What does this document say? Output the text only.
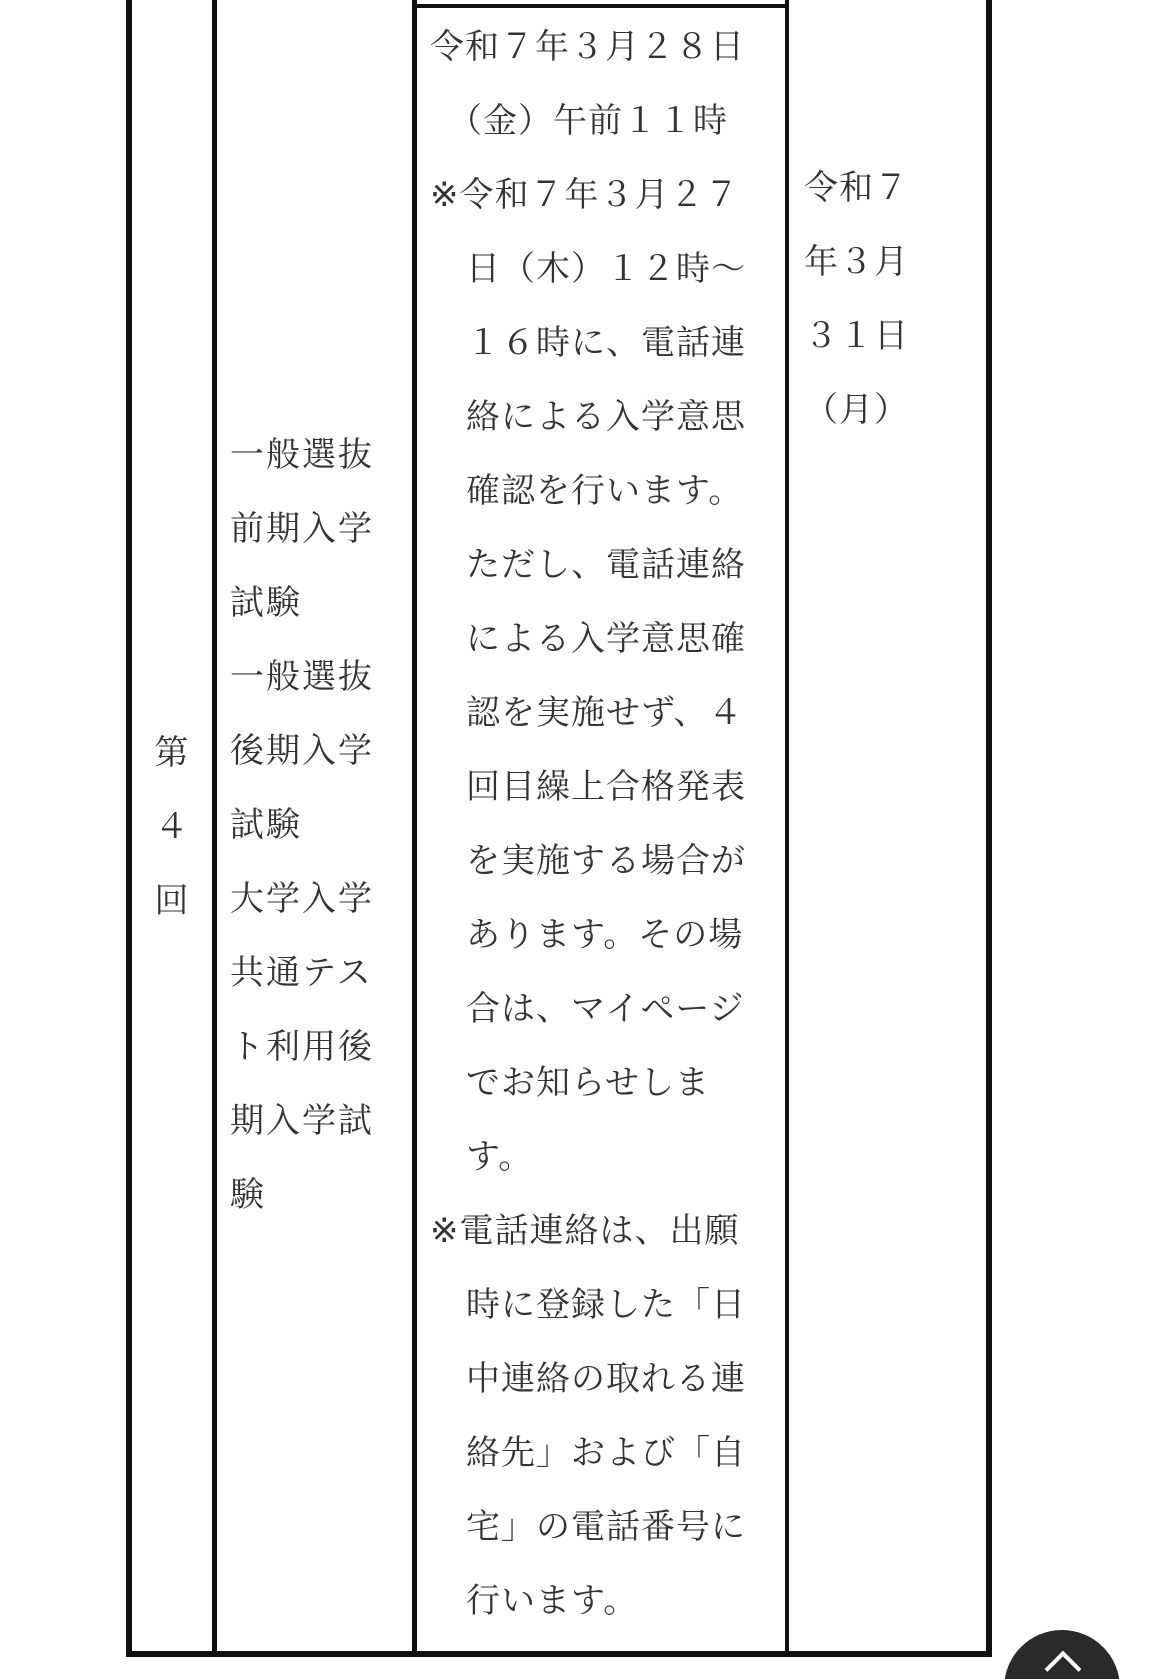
第
４
回
一般選抜
前期入学
試験
一般選抜
後期入学
試験
大学入学
共通テス
ト利用後
期入学試
験
令和７年３月２８日
（金）午前１１時
※令和７年３月２７
日（木）１２時～
１６時に、電話連
絡による入学意思
確認を行います。
ただし、電話連絡
による入学意思確
認を実施せず、４
回目繰上合格発表
を実施する場合が
あります。その場
合は、マイページ
でお知らせしま
す。
※電話連絡は、出願
時に登録した「日
中連絡の取れる連
絡先」および「自
宅」の電話番号に
行います。
令和７
年３月
３１日
（月）
